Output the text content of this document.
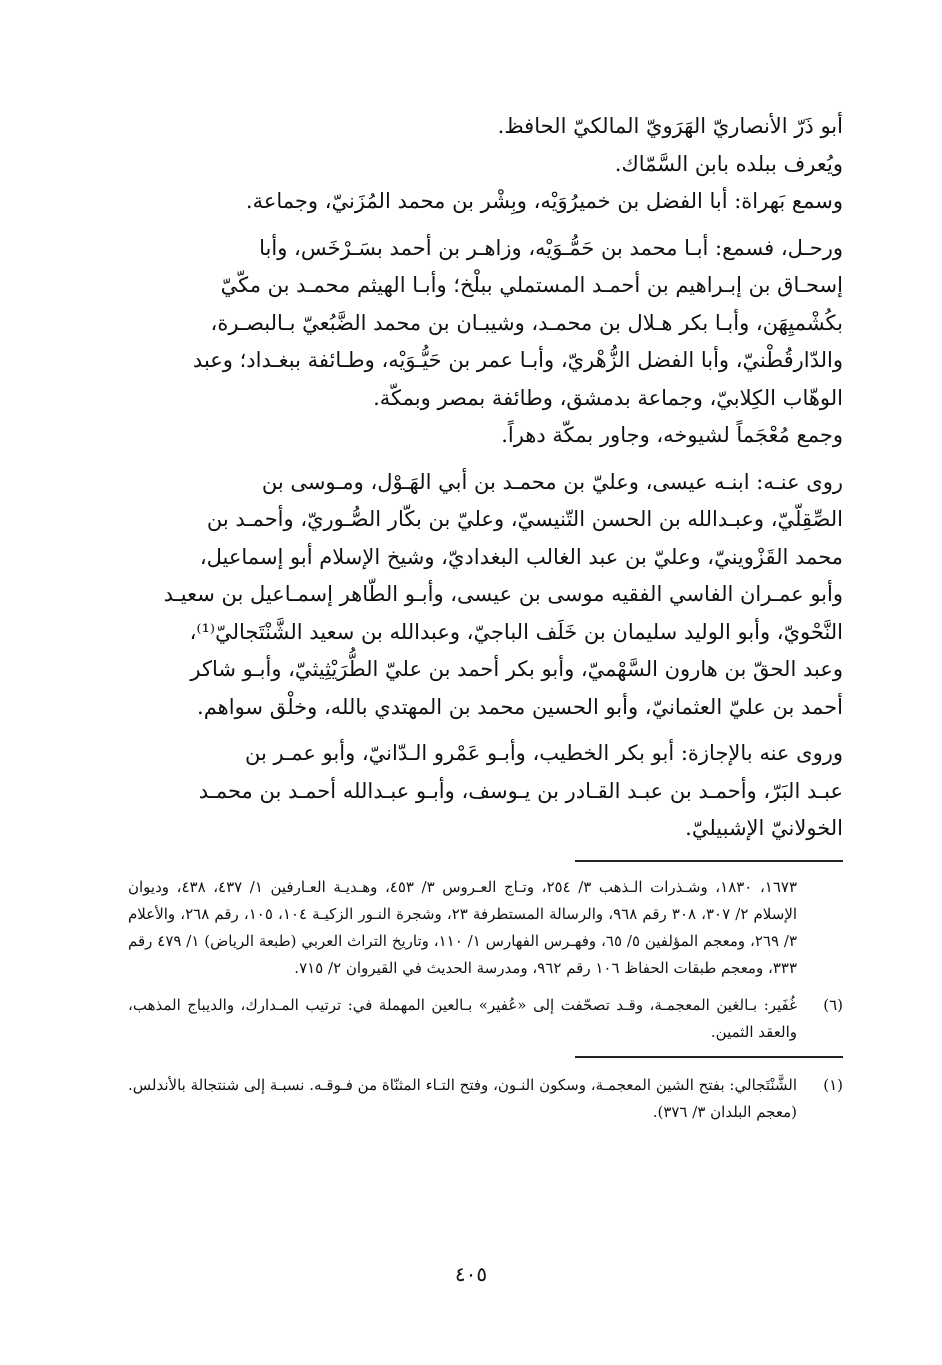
أبو ذَرّ الأنصاريّ الهَرَويّ المالكيّ الحافظ.

ويُعرف ببلده بابن السَّمّاك.

وسمع بَهراة: أبا الفضل بن خميرُوَيْه، وبِشْر بن محمد المُزَنيّ، وجماعة.

ورحـل، فسمع: أبـا محمد بن حَمُّـوَيْه، وزاهـر بن أحمد بسَـرْخَس، وأبا

إسحـاق بن إبـراهيم بن أحمـد المستملي ببلْخ؛ وأبـا الهيثم محمـد بن مكّيّ

بكُشْميِهَن، وأبـا بكر هـلال بن محمـد، وشيبـان بن محمد الضَّبُعيّ بـالبصـرة،

والدّارقُطْنيّ، وأبا الفضل الزُّهْريّ، وأبـا عمر بن حَيُّـوَيْه، وطـائفة ببغـداد؛ وعبد

الوهّاب الكِلابيّ، وجماعة بدمشق، وطائفة بمصر وبمكّة.

وجمع مُعْجَماً لشيوخه، وجاور بمكّة دهراً.

روى عنـه: ابنـه عيسى، وعليّ بن محمـد بن أبي الهَـوْل، ومـوسى بن

الصِّقِلّيّ، وعبـدالله بن الحسن التّنيسيّ، وعليّ بن بكّار الصُّـوريّ، وأحمـد بن

محمد القَزْوينيّ، وعليّ بن عبد الغالب البغداديّ، وشيخ الإسلام أبو إسماعيل،

وأبو عمـران الفاسي الفقيه موسى بن عيسى، وأبـو الطّاهر إسمـاعيل بن سعيـد

النَّحْويّ، وأبو الوليد سليمان بن خَلَف الباجيّ، وعبدالله بن سعيد الشَّنْتَجاليّ⁽¹⁾،

وعبد الحقّ بن هارون السَّهْميّ، وأبو بكر أحمد بن عليّ الطُّرَيْثِيثيّ، وأبـو شاكر

أحمد بن عليّ العثمانيّ، وأبو الحسين محمد بن المهتدي بالله، وخلْق سواهم.

وروى عنه بالإجازة: أبو بكر الخطيب، وأبـو عَمْرو الـدّانيّ، وأبو عمـر بن

عبـد البَرّ، وأحمـد بن عبـد القـادر بن يـوسف، وأبـو عبـدالله أحمـد بن محمـد

الخولانيّ الإشبيليّ.

١٦٧٣، ١٨٣٠، وشـذرات الـذهب ٣/ ٢٥٤، وتـاج العـروس ٣/ ٤٥٣، وهـديـة العـارفين ١/ ٤٣٧، ٤٣٨، وديوان الإسلام ٢/ ٣٠٧، ٣٠٨ رقم ٩٦٨، والرسالة المستطرفة ٢٣، وشجرة النـور الزكيـة ١٠٤، ١٠٥، رقم ٢٦٨، والأعلام ٣/ ٢٦٩، ومعجم المؤلفين ٥/ ٦٥، وفهـرس الفهارس ١/ ١١٠، وتاريخ التراث العربي (طبعة الرياض) ١/ ٤٧٩ رقم ٣٣٣، ومعجم طبقات الحفاظ ١٠٦ رقم ٩٦٢، ومدرسة الحديث في القيروان ٢/ ٧١٥.
(٦)
غُفَير: بـالغين المعجمـة، وقـد تصحّفت إلى «عُفير» بـالعين المهملة في: ترتيب المـدارك، والديباج المذهب، والعقد الثمين.
(١)
الشَّنْتَجالي: بفتح الشين المعجمـة، وسكون النـون، وفتح التـاء المثنّاة من فـوقـه. نسبـة إلى شنتجالة بالأندلس. (معجم البلدان ٣/ ٣٧٦).
٤٠٥
